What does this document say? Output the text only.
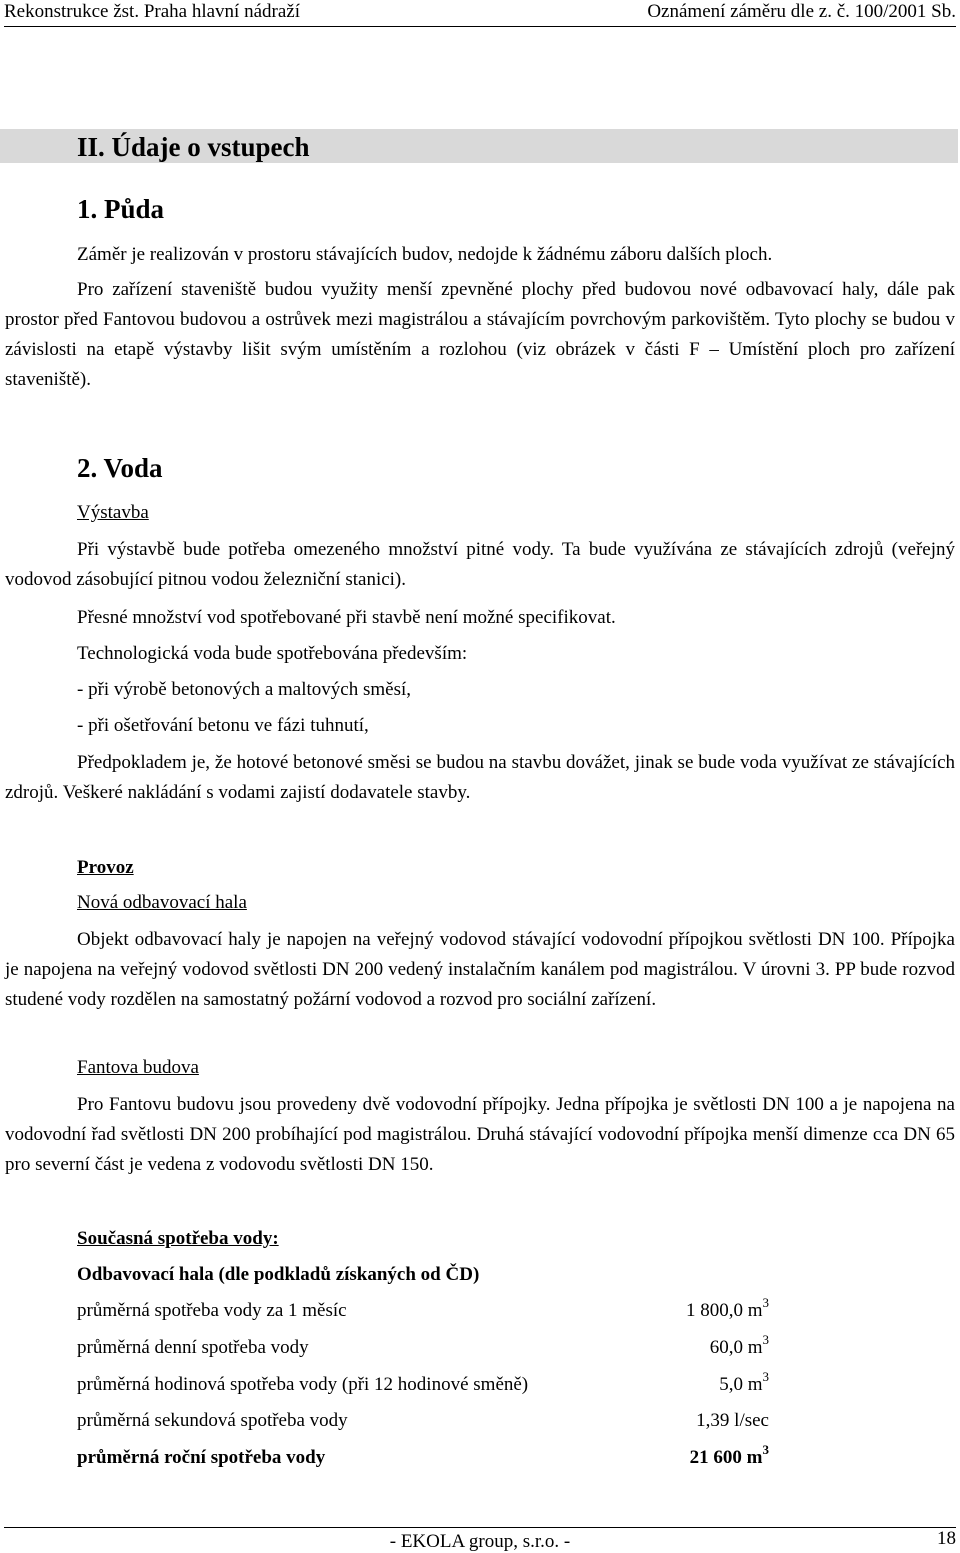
Rekonstrukce žst. Praha hlavní nádraží	Oznámení záměru dle z. č. 100/2001 Sb.
II. Údaje o vstupech
1. Půda
Záměr je realizován v prostoru stávajících budov, nedojde k žádnému záboru dalších ploch.
Pro zařízení staveniště budou využity menší zpevněné plochy před budovou nové odbavovací haly, dále pak prostor před Fantovou budovou a ostrůvek mezi magistrálou a stávajícím povrchovým parkovištěm. Tyto plochy se budou v závislosti na etapě výstavby lišit svým umístěním a rozlohou (viz obrázek v části F – Umístění ploch pro zařízení staveniště).
2. Voda
Výstavba
Při výstavbě bude potřeba omezeného množství pitné vody. Ta bude využívána ze stávajících zdrojů (veřejný vodovod zásobující pitnou vodou železniční stanici).
Přesné množství vod spotřebované při stavbě není možné specifikovat.
Technologická voda bude spotřebována především:
- při výrobě betonových a maltových směsí,
- při ošetřování betonu ve fázi tuhnutí,
Předpokladem je, že hotové betonové směsi se budou na stavbu dovážet, jinak se bude voda využívat ze stávajících zdrojů. Veškeré nakládání s vodami zajistí dodavatele stavby.
Provoz
Nová odbavovací hala
Objekt odbavovací haly je napojen na veřejný vodovod stávající vodovodní přípojkou světlosti DN 100. Přípojka je napojena na veřejný vodovod světlosti DN 200 vedený instalačním kanálem pod magistrálou. V úrovni 3. PP bude rozvod studené vody rozdělen na samostatný požární vodovod a rozvod pro sociální zařízení.
Fantova budova
Pro Fantovu budovu jsou provedeny dvě vodovodní přípojky. Jedna přípojka je světlosti DN 100 a je napojena na vodovodní řad světlosti DN 200 probíhající pod magistrálou. Druhá stávající vodovodní přípojka menší dimenze cca DN 65 pro severní část je vedena z vodovodu světlosti DN 150.
Současná spotřeba vody:
Odbavovací hala (dle podkladů získaných od ČD)
průměrná spotřeba vody za 1 měsíc	1 800,0 $m^3$
průměrná denní spotřeba vody	60,0 $m^3$
průměrná hodinová spotřeba vody (při 12 hodinové směně)	5,0 $m^3$
průměrná sekundová spotřeba vody	1,39 l/sec
průměrná roční spotřeba vody	21 600 $m^3$
- EKOLA group, s.r.o. -	18
